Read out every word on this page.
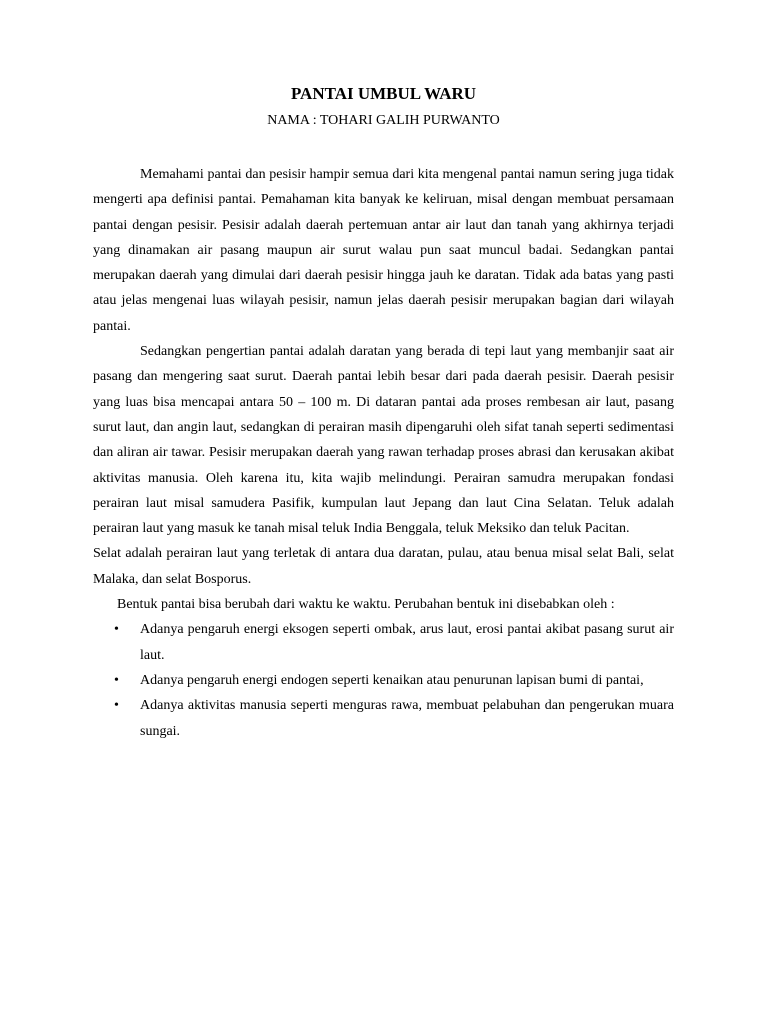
PANTAI UMBUL WARU

NAMA : TOHARI GALIH PURWANTO

Memahami pantai dan pesisir hampir semua dari kita mengenal pantai namun sering juga tidak mengerti apa definisi pantai. Pemahaman kita banyak ke keliruan, misal dengan membuat persamaan pantai dengan pesisir. Pesisir adalah daerah pertemuan antar air laut dan tanah yang akhirnya terjadi yang dinamakan air pasang maupun air surut walau pun saat muncul badai. Sedangkan pantai merupakan daerah yang dimulai dari daerah pesisir hingga jauh ke daratan. Tidak ada batas yang pasti atau jelas mengenai luas wilayah pesisir, namun jelas daerah pesisir merupakan bagian dari wilayah pantai.

Sedangkan pengertian pantai adalah daratan yang berada di tepi laut yang membanjir saat air pasang dan mengering saat surut. Daerah pantai lebih besar dari pada daerah pesisir. Daerah pesisir yang luas bisa mencapai antara 50 – 100 m. Di dataran pantai ada proses rembesan air laut, pasang surut laut, dan angin laut, sedangkan di perairan masih dipengaruhi oleh sifat tanah seperti sedimentasi dan aliran air tawar. Pesisir merupakan daerah yang rawan terhadap proses abrasi dan kerusakan akibat aktivitas manusia. Oleh karena itu, kita wajib melindungi. Perairan samudra merupakan fondasi perairan laut misal samudera Pasifik, kumpulan laut Jepang dan laut Cina Selatan. Teluk adalah perairan laut yang masuk ke tanah misal teluk India Benggala, teluk Meksiko dan teluk Pacitan.

Selat adalah perairan laut yang terletak di antara dua daratan, pulau, atau benua misal selat Bali, selat Malaka, dan selat Bosporus.

Bentuk pantai bisa berubah dari waktu ke waktu. Perubahan bentuk ini disebabkan oleh :

• Adanya pengaruh energi eksogen seperti ombak, arus laut, erosi pantai akibat pasang surut air laut.
• Adanya pengaruh energi endogen seperti kenaikan atau penurunan lapisan bumi di pantai,
• Adanya aktivitas manusia seperti menguras rawa, membuat pelabuhan dan pengerukan muara sungai.
